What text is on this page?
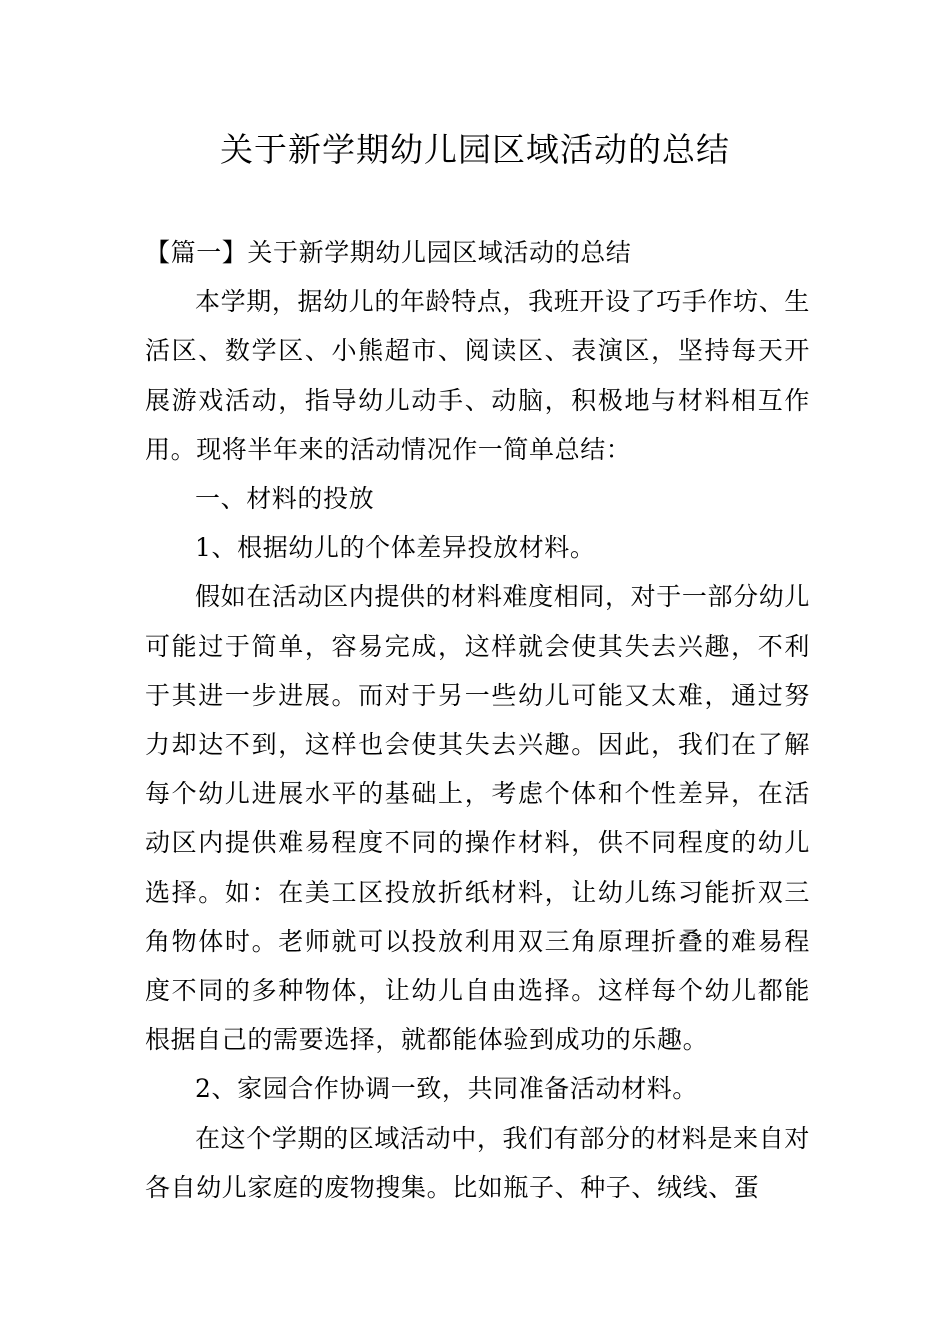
关于新学期幼儿园区域活动的总结

【篇一】关于新学期幼儿园区域活动的总结

本学期，据幼儿的年龄特点，我班开设了巧手作坊、生活区、数学区、小熊超市、阅读区、表演区，坚持每天开展游戏活动，指导幼儿动手、动脑，积极地与材料相互作用。现将半年来的活动情况作一简单总结：

一、材料的投放

1、根据幼儿的个体差异投放材料。

假如在活动区内提供的材料难度相同，对于一部分幼儿可能过于简单，容易完成，这样就会使其失去兴趣，不利于其进一步进展。而对于另一些幼儿可能又太难，通过努力却达不到，这样也会使其失去兴趣。因此，我们在了解每个幼儿进展水平的基础上，考虑个体和个性差异，在活动区内提供难易程度不同的操作材料，供不同程度的幼儿选择。如：在美工区投放折纸材料，让幼儿练习能折双三角物体时。老师就可以投放利用双三角原理折叠的难易程度不同的多种物体，让幼儿自由选择。这样每个幼儿都能根据自己的需要选择，就都能体验到成功的乐趣。

2、家园合作协调一致，共同准备活动材料。

在这个学期的区域活动中，我们有部分的材料是来自对各自幼儿家庭的废物搜集。比如瓶子、种子、绒线、蛋
